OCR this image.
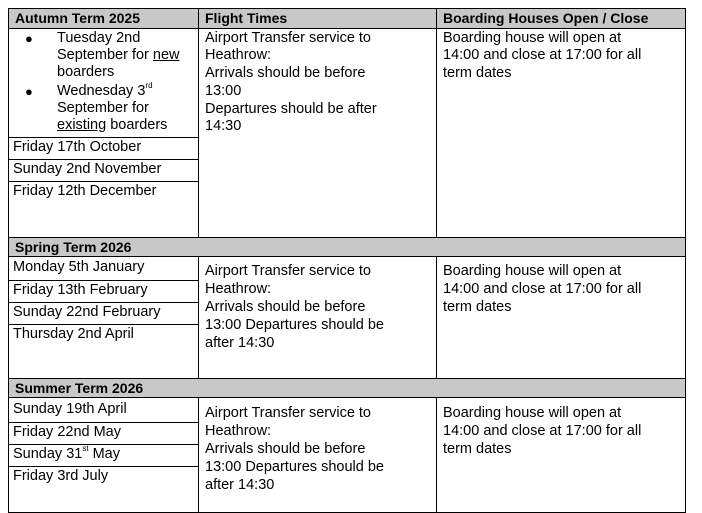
Autumn Term 2025	Flight Times	Boarding Houses Open / Close
● Tuesday 2nd
September for new
boarders
● Wednesday 3rd
September for
existing boarders
Friday 17th October
Sunday 2nd November
Friday 12th December
Airport Transfer service to
Heathrow:
Arrivals should be before
13:00
Departures should be after
14:30
Boarding house will open at
14:00 and close at 17:00 for all
term dates
Spring Term 2026
Monday 5th January
Friday 13th February
Sunday 22nd February
Thursday 2nd April
Airport Transfer service to
Heathrow:
Arrivals should be before
13:00 Departures should be
after 14:30
Boarding house will open at
14:00 and close at 17:00 for all
term dates
Summer Term 2026
Sunday 19th April
Friday 22nd May
Sunday 31st May
Friday 3rd July
Airport Transfer service to
Heathrow:
Arrivals should be before
13:00 Departures should be
after 14:30
Boarding house will open at
14:00 and close at 17:00 for all
term dates
